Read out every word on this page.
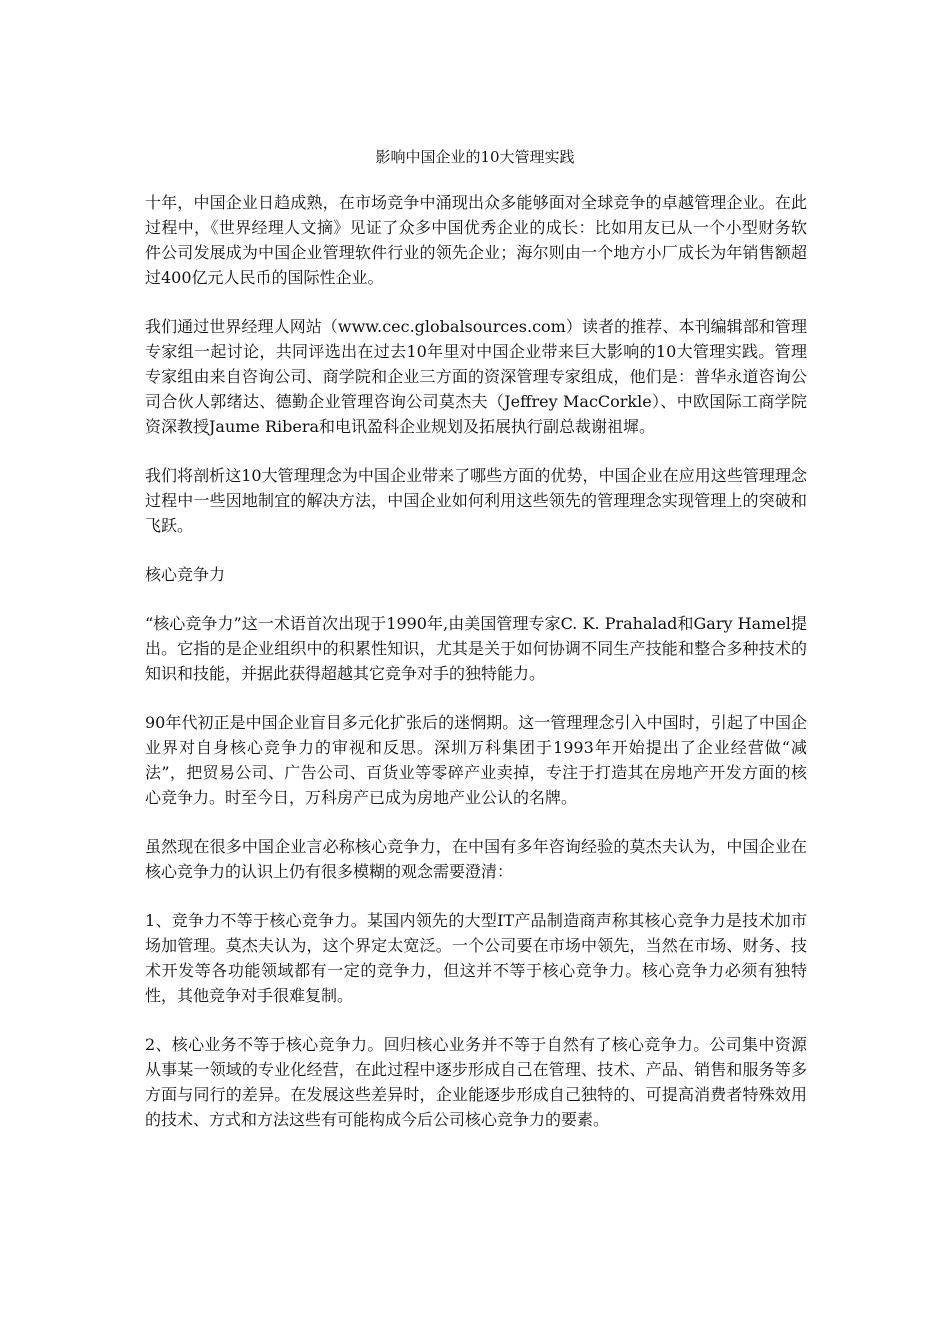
影响中国企业的10大管理实践

十年，中国企业日趋成熟，在市场竞争中涌现出众多能够面对全球竞争的卓越管理企业。在此过程中，《世界经理人文摘》见证了众多中国优秀企业的成长：比如用友已从一个小型财务软件公司发展成为中国企业管理软件行业的领先企业；海尔则由一个地方小厂成长为年销售额超过400亿元人民币的国际性企业。

我们通过世界经理人网站（www.cec.globalsources.com）读者的推荐、本刊编辑部和管理专家组一起讨论，共同评选出在过去10年里对中国企业带来巨大影响的10大管理实践。管理专家组由来自咨询公司、商学院和企业三方面的资深管理专家组成，他们是：普华永道咨询公司合伙人郭绪达、德勤企业管理咨询公司莫杰夫（Jeffrey MacCorkle）、中欧国际工商学院资深教授Jaume Ribera和电讯盈科企业规划及拓展执行副总裁谢祖墀。

我们将剖析这10大管理理念为中国企业带来了哪些方面的优势，中国企业在应用这些管理理念过程中一些因地制宜的解决方法，中国企业如何利用这些领先的管理理念实现管理上的突破和飞跃。

核心竞争力

“核心竞争力”这一术语首次出现于1990年,由美国管理专家C. K. Prahalad和Gary Hamel提出。它指的是企业组织中的积累性知识，尤其是关于如何协调不同生产技能和整合多种技术的知识和技能，并据此获得超越其它竞争对手的独特能力。

90年代初正是中国企业盲目多元化扩张后的迷惘期。这一管理理念引入中国时，引起了中国企业界对自身核心竞争力的审视和反思。深圳万科集团于1993年开始提出了企业经营做“减法”，把贸易公司、广告公司、百货业等零碎产业卖掉，专注于打造其在房地产开发方面的核心竞争力。时至今日，万科房产已成为房地产业公认的名牌。

虽然现在很多中国企业言必称核心竞争力，在中国有多年咨询经验的莫杰夫认为，中国企业在核心竞争力的认识上仍有很多模糊的观念需要澄清：

1、竞争力不等于核心竞争力。某国内领先的大型IT产品制造商声称其核心竞争力是技术加市场加管理。莫杰夫认为，这个界定太宽泛。一个公司要在市场中领先，当然在市场、财务、技术开发等各功能领域都有一定的竞争力，但这并不等于核心竞争力。核心竞争力必须有独特性，其他竞争对手很难复制。

2、核心业务不等于核心竞争力。回归核心业务并不等于自然有了核心竞争力。公司集中资源从事某一领域的专业化经营，在此过程中逐步形成自己在管理、技术、产品、销售和服务等多方面与同行的差异。在发展这些差异时，企业能逐步形成自己独特的、可提高消费者特殊效用的技术、方式和方法这些有可能构成今后公司核心竞争力的要素。
